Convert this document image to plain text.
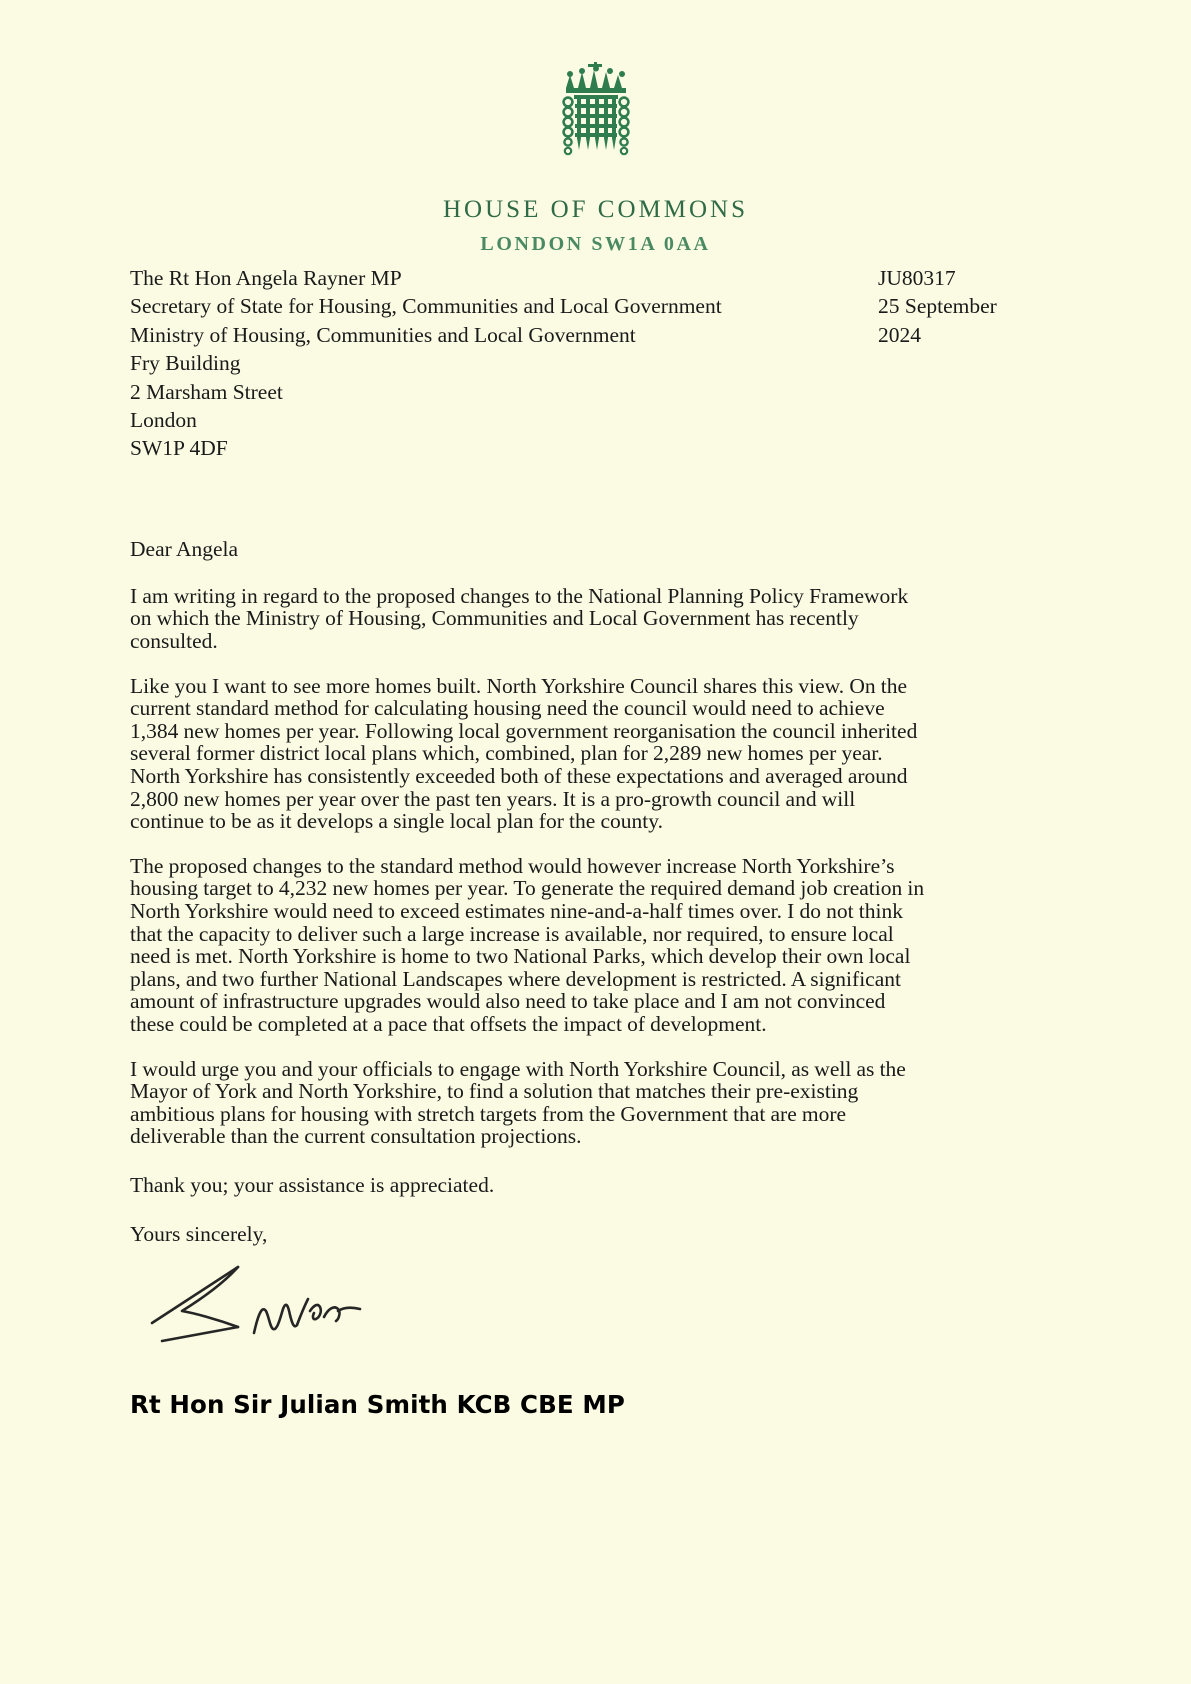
HOUSE OF COMMONS
LONDON SW1A 0AA
The Rt Hon Angela Rayner MP
Secretary of State for Housing, Communities and Local Government
Ministry of Housing, Communities and Local Government
Fry Building
2 Marsham Street
London
SW1P 4DF
JU80317
25 September
2024
Dear Angela

I am writing in regard to the proposed changes to the National Planning Policy Framework on which the Ministry of Housing, Communities and Local Government has recently consulted.

Like you I want to see more homes built. North Yorkshire Council shares this view. On the current standard method for calculating housing need the council would need to achieve 1,384 new homes per year. Following local government reorganisation the council inherited several former district local plans which, combined, plan for 2,289 new homes per year. North Yorkshire has consistently exceeded both of these expectations and averaged around 2,800 new homes per year over the past ten years. It is a pro-growth council and will continue to be as it develops a single local plan for the county.

The proposed changes to the standard method would however increase North Yorkshire’s housing target to 4,232 new homes per year. To generate the required demand job creation in North Yorkshire would need to exceed estimates nine-and-a-half times over. I do not think that the capacity to deliver such a large increase is available, nor required, to ensure local need is met. North Yorkshire is home to two National Parks, which develop their own local plans, and two further National Landscapes where development is restricted. A significant amount of infrastructure upgrades would also need to take place and I am not convinced these could be completed at a pace that offsets the impact of development.

I would urge you and your officials to engage with North Yorkshire Council, as well as the Mayor of York and North Yorkshire, to find a solution that matches their pre-existing ambitious plans for housing with stretch targets from the Government that are more deliverable than the current consultation projections.

Thank you; your assistance is appreciated.
Yours sincerely,
Rt Hon Sir Julian Smith KCB CBE MP
